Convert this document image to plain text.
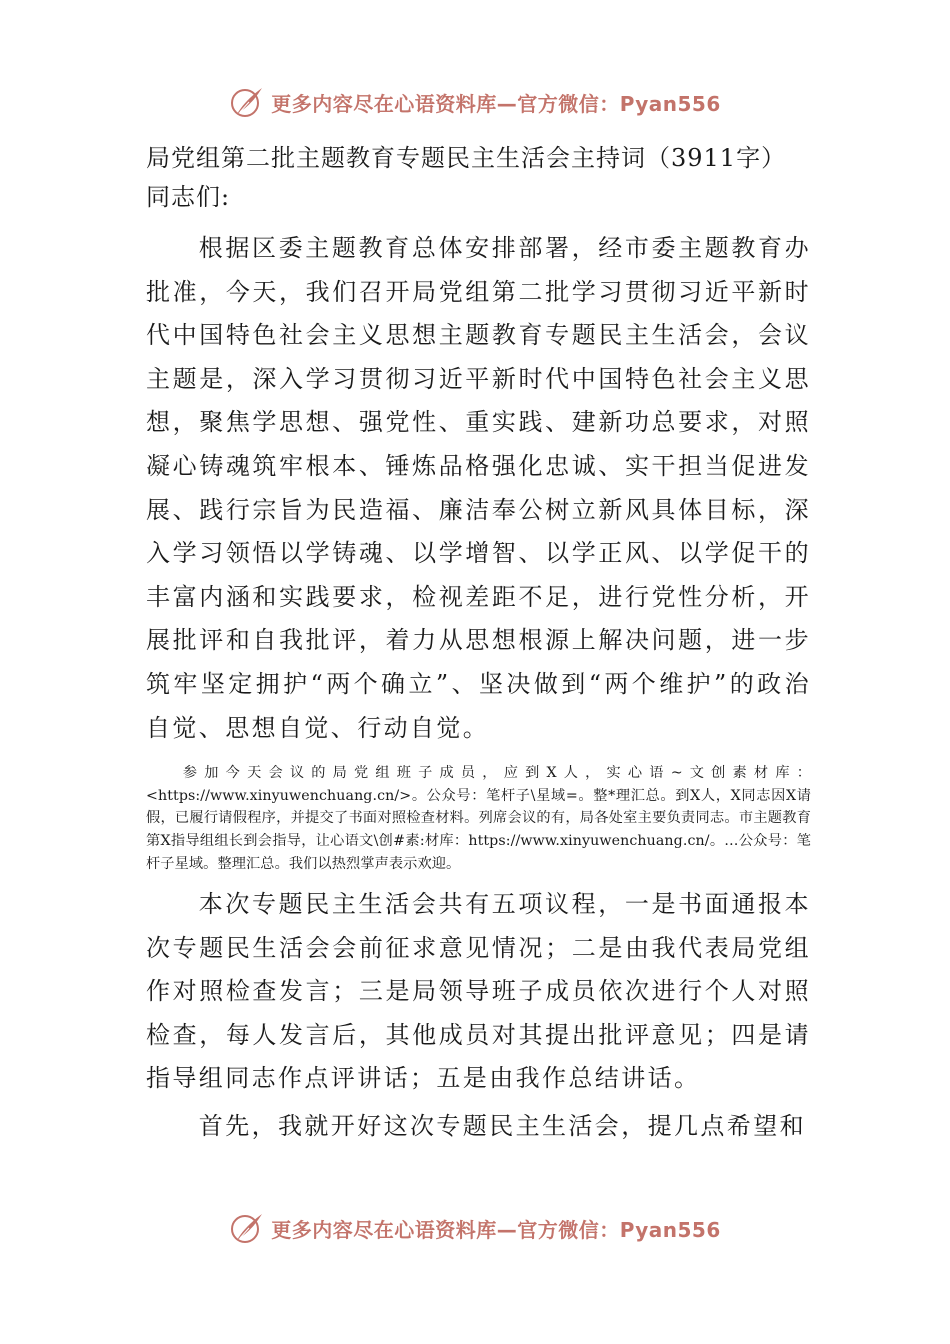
更多内容尽在心语资料库—官方微信：Pyan556
局党组第二批主题教育专题民主生活会主持词（3911字）
同志们:

根据区委主题教育总体安排部署，经市委主题教育办批准，今天，我们召开局党组第二批学习贯彻习近平新时代中国特色社会主义思想主题教育专题民主生活会，会议主题是，深入学习贯彻习近平新时代中国特色社会主义思想，聚焦学思想、强党性、重实践、建新功总要求，对照凝心铸魂筑牢根本、锤炼品格强化忠诚、实干担当促进发展、践行宗旨为民造福、廉洁奉公树立新风具体目标，深入学习领悟以学铸魂、以学增智、以学正风、以学促干的丰富内涵和实践要求，检视差距不足，进行党性分析，开展批评和自我批评，着力从思想根源上解决问题，进一步筑牢坚定拥护“两个确立”、坚决做到“两个维护”的政治自觉、思想自觉、行动自觉。

参加今天会议的局党组班子成员，应到X人，实心语~文创素材库：<https://www.xinyuwenchuang.cn/>。公众号：笔杆子\星域=。整*理汇总。到X人，X同志因X请假，已履行请假程序，并提交了书面对照检查材料。列席会议的有，局各处室主要负责同志。市主题教育第X指导组组长到会指导，让心语文\创#素:材库：https://www.xinyuwenchuang.cn/。…公众号：笔杆子星域。整理汇总。我们以热烈掌声表示欢迎。

本次专题民主生活会共有五项议程，一是书面通报本次专题民生活会会前征求意见情况；二是由我代表局党组作对照检查发言；三是局领导班子成员依次进行个人对照检查，每人发言后，其他成员对其提出批评意见；四是请指导组同志作点评讲话；五是由我作总结讲话。

首先，我就开好这次专题民主生活会，提几点希望和

更多内容尽在心语资料库—官方微信：Pyan556
